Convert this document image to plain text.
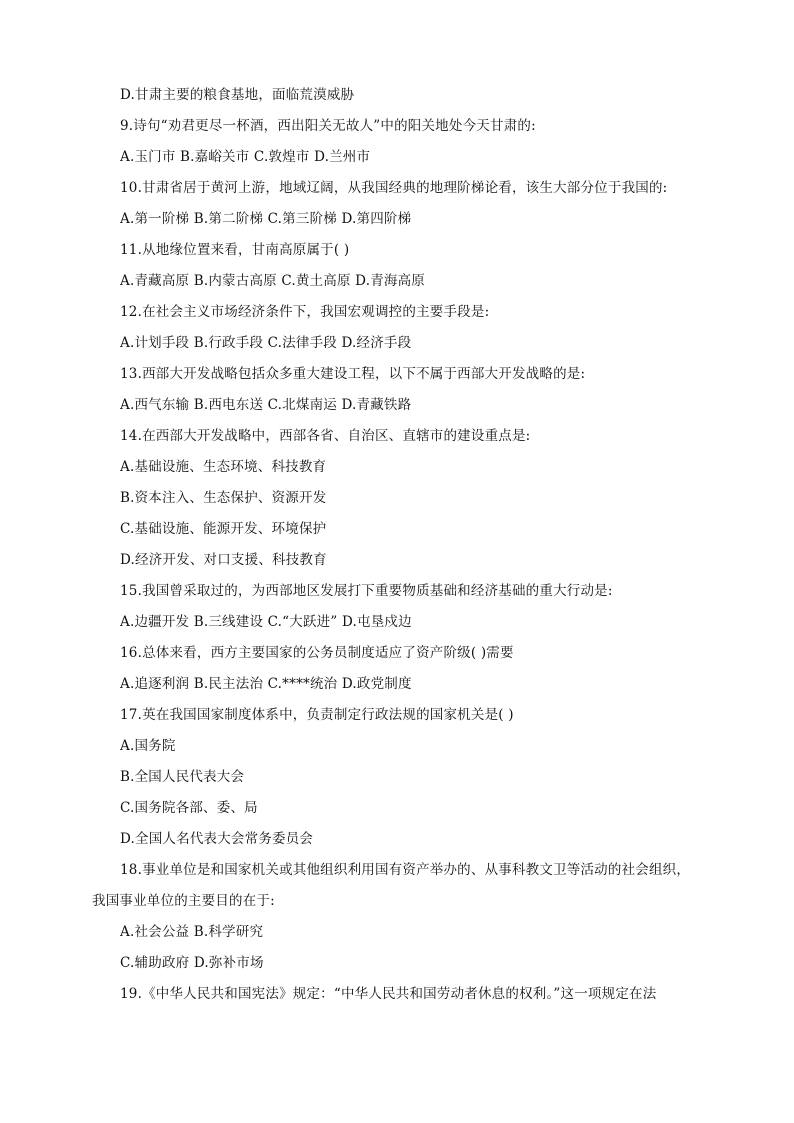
D.甘肃主要的粮食基地，面临荒漠威胁
9.诗句“劝君更尽一杯酒，西出阳关无故人”中的阳关地处今天甘肃的:
A.玉门市 B.嘉峪关市 C.敦煌市 D.兰州市
10.甘肃省居于黄河上游，地域辽阔，从我国经典的地理阶梯论看，该生大部分位于我国的:
A.第一阶梯 B.第二阶梯 C.第三阶梯 D.第四阶梯
11.从地缘位置来看，甘南高原属于( )
A.青藏高原 B.内蒙古高原 C.黄土高原 D.青海高原
12.在社会主义市场经济条件下，我国宏观调控的主要手段是:
A.计划手段 B.行政手段 C.法律手段 D.经济手段
13.西部大开发战略包括众多重大建设工程，以下不属于西部大开发战略的是:
A.西气东输 B.西电东送 C.北煤南运 D.青藏铁路
14.在西部大开发战略中，西部各省、自治区、直辖市的建设重点是:
A.基础设施、生态环境、科技教育
B.资本注入、生态保护、资源开发
C.基础设施、能源开发、环境保护
D.经济开发、对口支援、科技教育
15.我国曾采取过的，为西部地区发展打下重要物质基础和经济基础的重大行动是:
A.边疆开发 B.三线建设 C.“大跃进” D.屯垦戍边
16.总体来看，西方主要国家的公务员制度适应了资产阶级( )需要
A.追逐利润 B.民主法治 C.****统治 D.政党制度
17.英在我国国家制度体系中，负责制定行政法规的国家机关是( )
A.国务院
B.全国人民代表大会
C.国务院各部、委、局
D.全国人名代表大会常务委员会
18.事业单位是和国家机关或其他组织利用国有资产举办的、从事科教文卫等活动的社会组织，
我国事业单位的主要目的在于:
A.社会公益 B.科学研究
C.辅助政府 D.弥补市场
19.《中华人民共和国宪法》规定：“中华人民共和国劳动者休息的权利。”这一项规定在法
